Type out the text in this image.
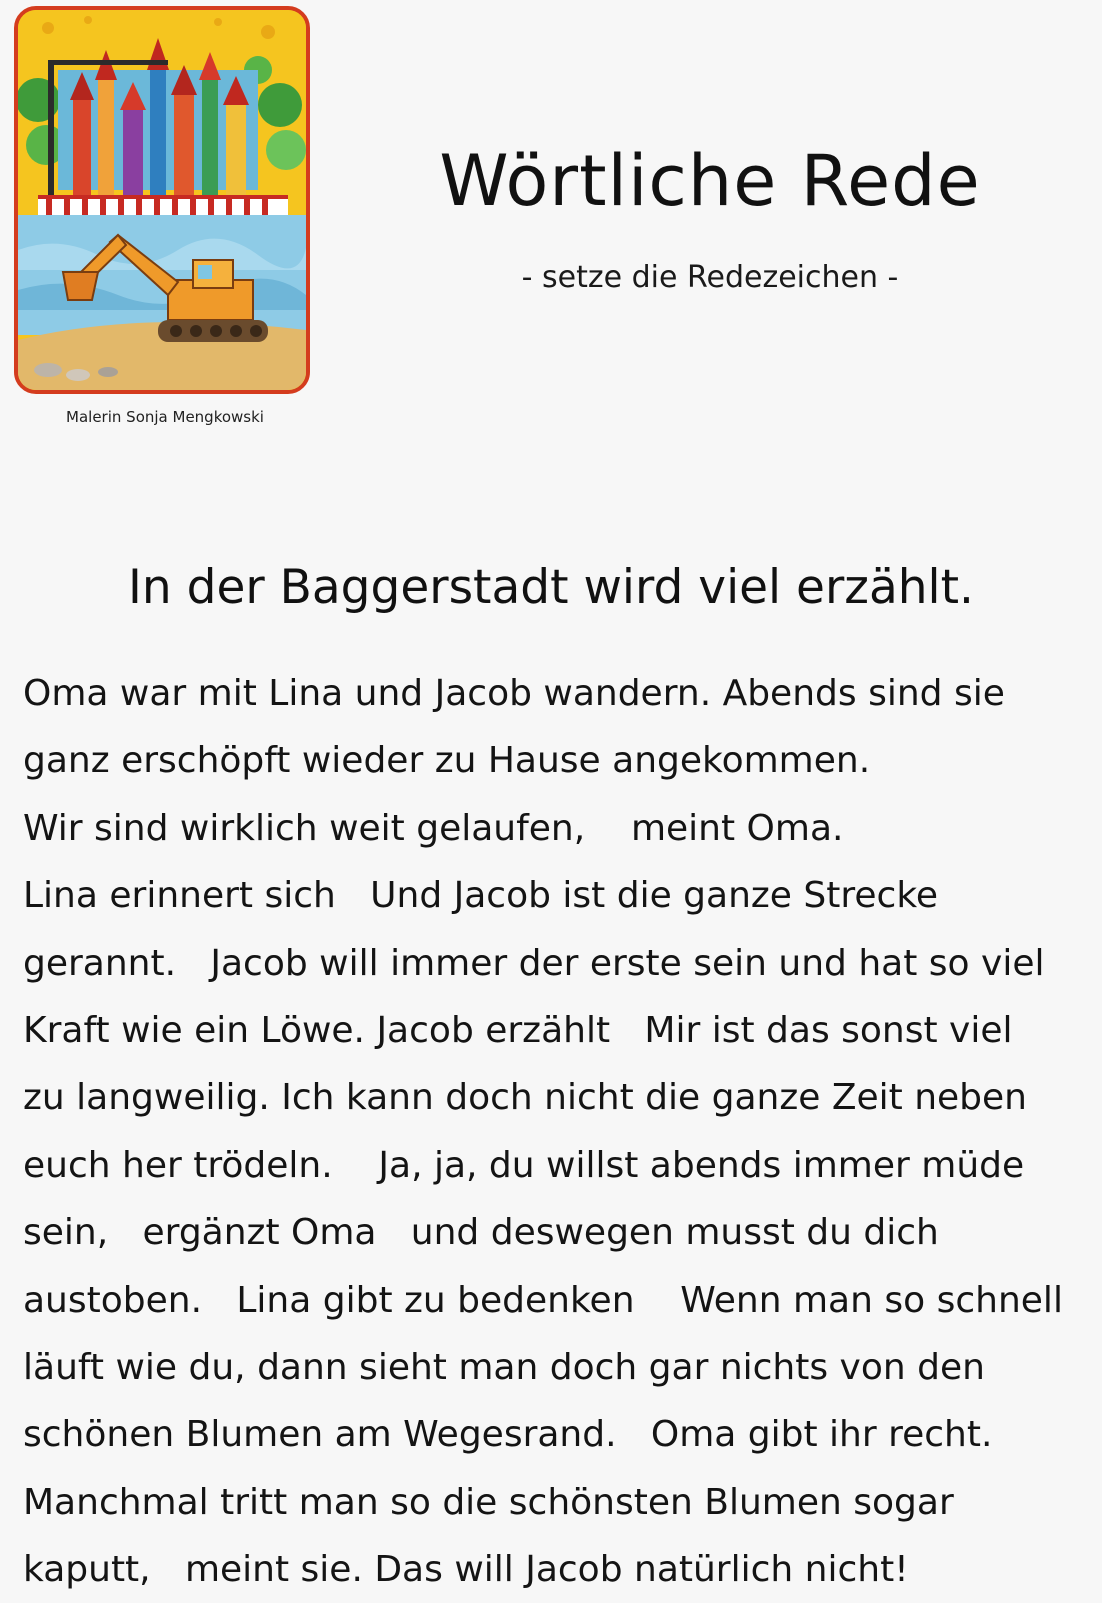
Malerin Sonja Mengkowski
Wörtliche Rede
- setze die Redezeichen -
In der Baggerstadt wird viel erzählt.
Oma war mit Lina und Jacob wandern. Abends sind sie
ganz erschöpft wieder zu Hause angekommen.
Wir sind wirklich weit gelaufen,    meint Oma.
Lina erinnert sich   Und Jacob ist die ganze Strecke
gerannt.   Jacob will immer der erste sein und hat so viel
Kraft wie ein Löwe. Jacob erzählt   Mir ist das sonst viel
zu langweilig. Ich kann doch nicht die ganze Zeit neben
euch her trödeln.    Ja, ja, du willst abends immer müde
sein,   ergänzt Oma   und deswegen musst du dich
austoben.   Lina gibt zu bedenken    Wenn man so schnell
läuft wie du, dann sieht man doch gar nichts von den
schönen Blumen am Wegesrand.   Oma gibt ihr recht.
Manchmal tritt man so die schönsten Blumen sogar
kaputt,   meint sie. Das will Jacob natürlich nicht!
